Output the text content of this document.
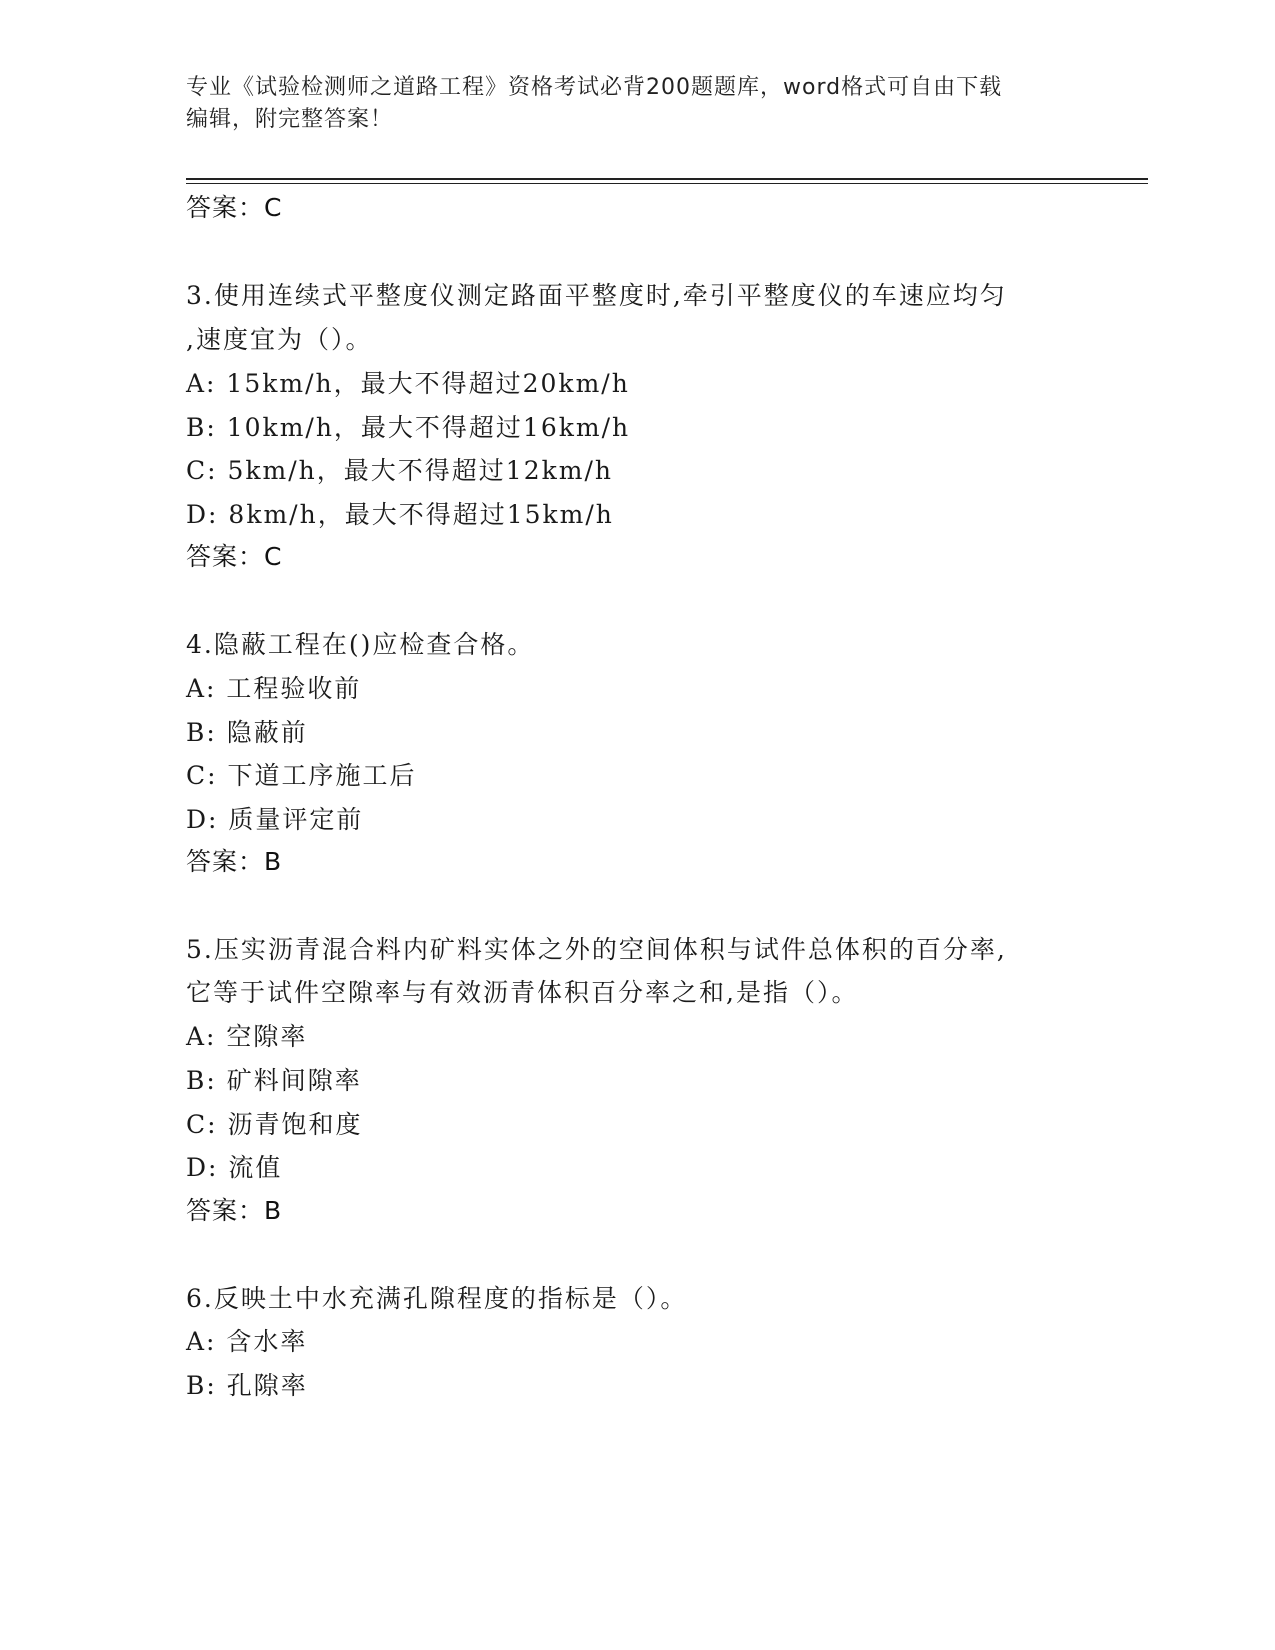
专业《试验检测师之道路工程》资格考试必背200题题库，word格式可自由下载
编辑，附完整答案！
答案：C
3.使用连续式平整度仪测定路面平整度时,牵引平整度仪的车速应均匀
,速度宜为（）。
A: 15km/h，最大不得超过20km/h
B: 10km/h，最大不得超过16km/h
C: 5km/h，最大不得超过12km/h
D: 8km/h，最大不得超过15km/h
答案：C
4.隐蔽工程在()应检查合格。
A: 工程验收前
B: 隐蔽前
C: 下道工序施工后
D: 质量评定前
答案：B
5.压实沥青混合料内矿料实体之外的空间体积与试件总体积的百分率,
它等于试件空隙率与有效沥青体积百分率之和,是指（）。
A: 空隙率
B: 矿料间隙率
C: 沥青饱和度
D: 流值
答案：B
6.反映土中水充满孔隙程度的指标是（）。
A: 含水率
B: 孔隙率
